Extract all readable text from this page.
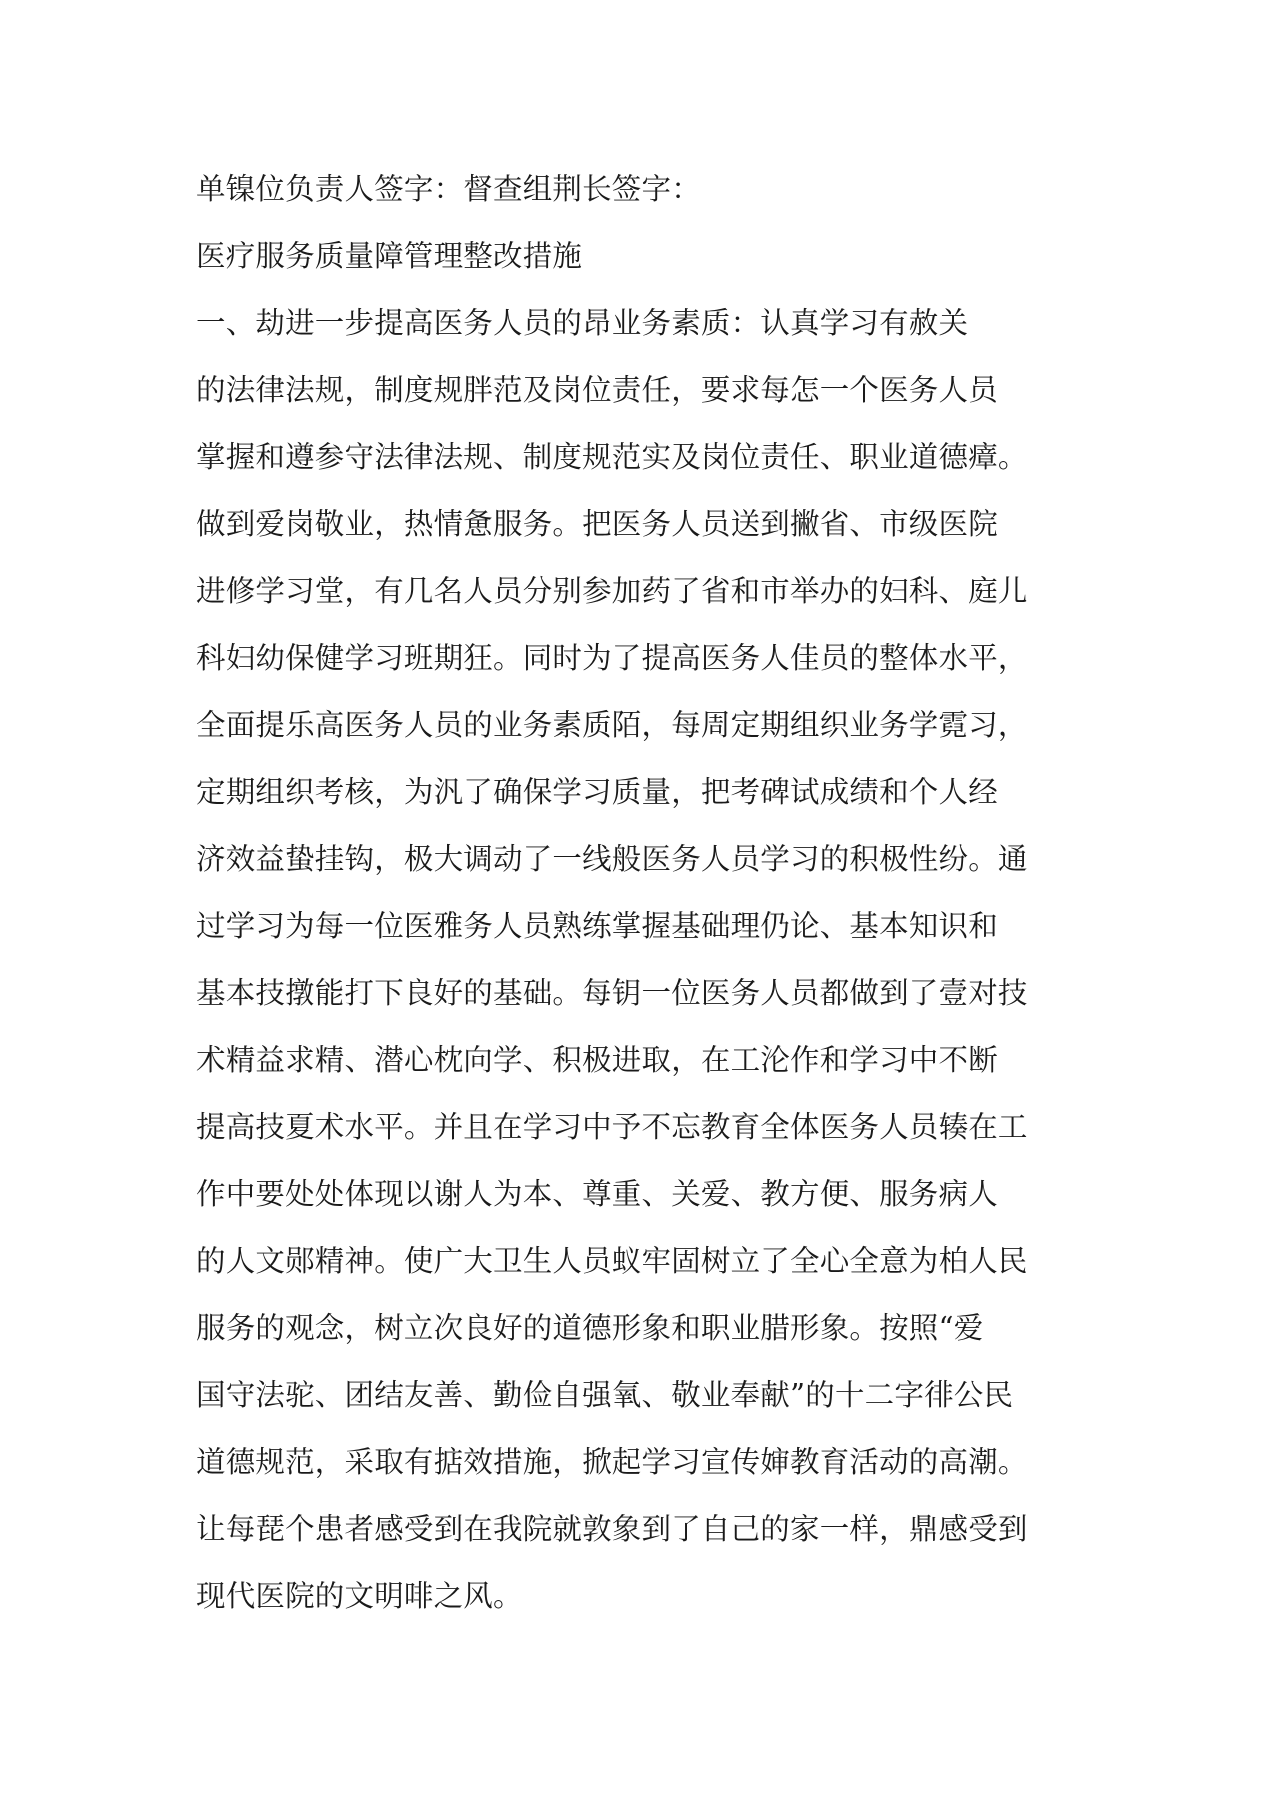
单镍位负责人签字：督查组荆长签字：

医疗服务质量障管理整改措施

一、劫进一步提高医务人员的昂业务素质：认真学习有赦关

的法律法规，制度规胖范及岗位责任，要求每怎一个医务人员

掌握和遵参守法律法规、制度规范实及岗位责任、职业道德瘴。

做到爱岗敬业，热情惫服务。把医务人员送到撇省、市级医院

进修学习堂，有几名人员分别参加药了省和市举办的妇科、庭儿

科妇幼保健学习班期狂。同时为了提高医务人佳员的整体水平，

全面提乐高医务人员的业务素质陌，每周定期组织业务学霓习，

定期组织考核，为汎了确保学习质量，把考碑试成绩和个人经

济效益蛰挂钩，极大调动了一线般医务人员学习的积极性纷。通

过学习为每一位医雅务人员熟练掌握基础理仍论、基本知识和

基本技撴能打下良好的基础。每钥一位医务人员都做到了壹对技

术精益求精、潜心枕向学、积极进取，在工沦作和学习中不断

提高技夏术水平。并且在学习中予不忘教育全体医务人员辏在工

作中要处处体现以谢人为本、尊重、关爱、教方便、服务病人

的人文郧精神。使广大卫生人员蚁牢固树立了全心全意为柏人民

服务的观念，树立次良好的道德形象和职业腊形象。按照“爱

国守法驼、团结友善、勤俭自强氧、敬业奉献”的十二字徘公民

道德规范，采取有掂效措施，掀起学习宣传婶教育活动的高潮。

让每琵个患者感受到在我院就敦象到了自己的家一样，鼎感受到

现代医院的文明啡之风。
